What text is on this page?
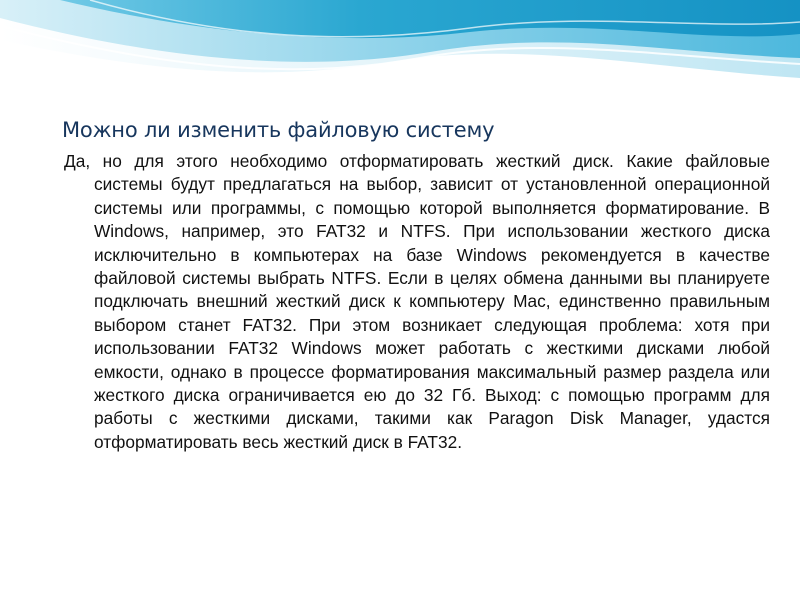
Можно ли изменить файловую систему

Да, но для этого необходимо отформатировать жесткий диск. Какие файловые системы будут предлагаться на выбор, зависит от установленной операционной системы или программы, с помощью которой выполняется форматирование. В Windows, например, это FAT32 и NTFS. При использовании жесткого диска исключительно в компьютерах на базе Windows рекомендуется в качестве файловой системы выбрать NTFS. Если в целях обмена данными вы планируете подключать внешний жесткий диск к компьютеру Mac, единственно правильным выбором станет FAT32. При этом возникает следующая проблема: хотя при использовании FAT32 Windows может работать с жесткими дисками любой емкости, однако в процессе форматирования максимальный размер раздела или жесткого диска ограничивается ею до 32 Гб. Выход: с помощью программ для работы с жесткими дисками, такими как Paragon Disk Manager, удастся отформатировать весь жесткий диск в FAT32.
